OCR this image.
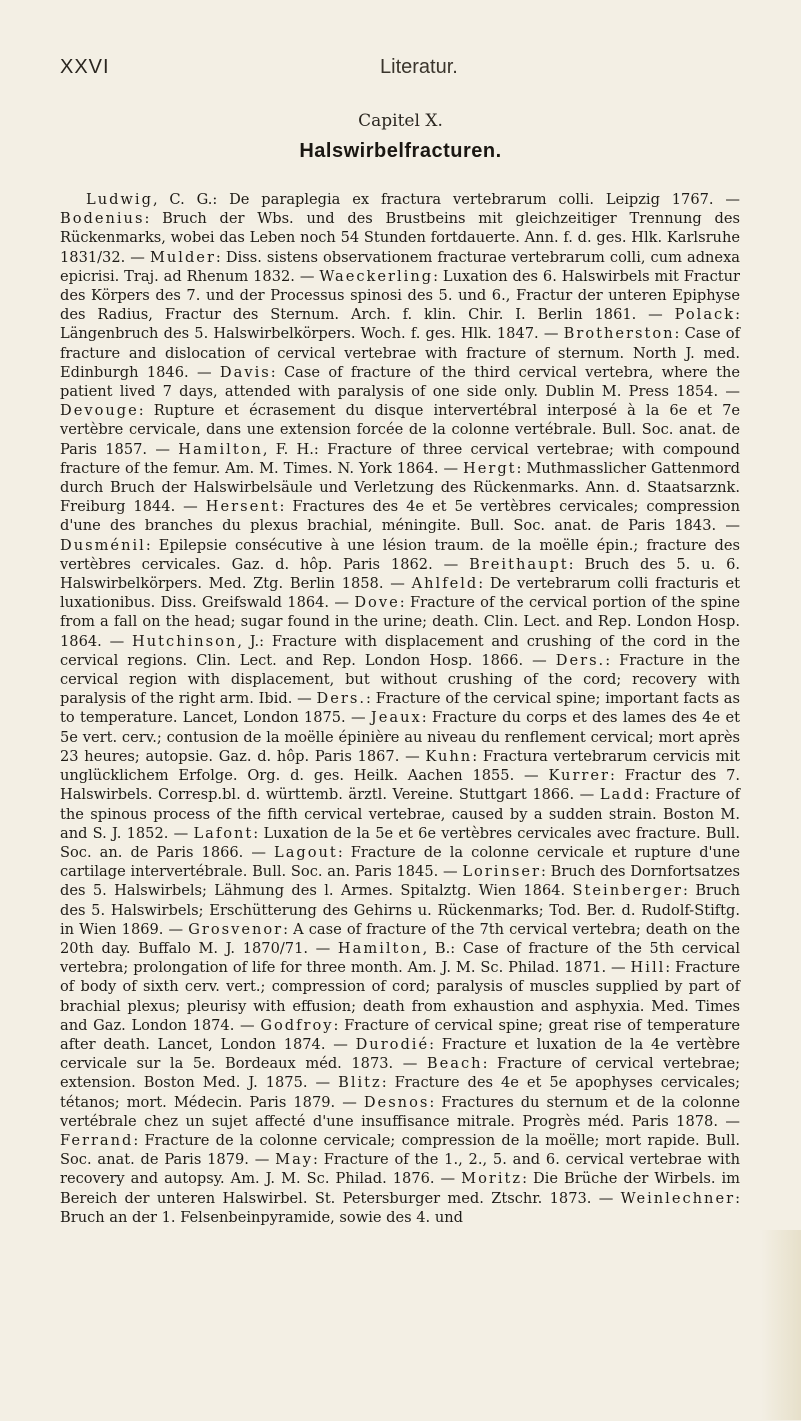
XXVI	Literatur.
Capitel X.
Halswirbelfracturen.

Ludwig, C. G.: De paraplegia ex fractura vertebrarum colli. Leipzig 1767. — Bodenius: Bruch der Wbs. und des Brustbeins mit gleichzeitiger Trennung des Rückenmarks, wobei das Leben noch 54 Stunden fortdauerte. Ann. f. d. ges. Hlk. Karlsruhe 1831/32. — Mulder: Diss. sistens observationem fracturae vertebrarum colli, cum adnexa epicrisi. Traj. ad Rhenum 1832. — Waeckerling: Luxation des 6. Halswirbels mit Fractur des Körpers des 7. und der Processus spinosi des 5. und 6., Fractur der unteren Epiphyse des Radius, Fractur des Sternum. Arch. f. klin. Chir. I. Berlin 1861. — Polack: Längenbruch des 5. Halswirbelkörpers. Woch. f. ges. Hlk. 1847. — Brotherston: Case of fracture and dislocation of cervical vertebrae with fracture of sternum. North J. med. Edinburgh 1846. — Davis: Case of fracture of the third cervical vertebra, where the patient lived 7 days, attended with paralysis of one side only. Dublin M. Press 1854. — Devouge: Rupture et écrasement du disque intervertébral interposé à la 6e et 7e vertèbre cervicale, dans une extension forcée de la colonne vertébrale. Bull. Soc. anat. de Paris 1857. — Hamilton, F. H.: Fracture of three cervical vertebrae; with compound fracture of the femur. Am. M. Times. N. York 1864. — Hergt: Muthmasslicher Gattenmord durch Bruch der Halswirbelsäule und Verletzung des Rückenmarks. Ann. d. Staatsarznk. Freiburg 1844. — Hersent: Fractures des 4e et 5e vertèbres cervicales; compression d'une des branches du plexus brachial, méningite. Bull. Soc. anat. de Paris 1843. — Dusménil: Epilepsie consécutive à une lésion traum. de la moëlle épin.; fracture des vertèbres cervicales. Gaz. d. hôp. Paris 1862. — Breithaupt: Bruch des 5. u. 6. Halswirbelkörpers. Med. Ztg. Berlin 1858. — Ahlfeld: De vertebrarum colli fracturis et luxationibus. Diss. Greifswald 1864. — Dove: Fracture of the cervical portion of the spine from a fall on the head; sugar found in the urine; death. Clin. Lect. and Rep. London Hosp. 1864. — Hutchinson, J.: Fracture with displacement and crushing of the cord in the cervical regions. Clin. Lect. and Rep. London Hosp. 1866. — Ders.: Fracture in the cervical region with displacement, but without crushing of the cord; recovery with paralysis of the right arm. Ibid. — Ders.: Fracture of the cervical spine; important facts as to temperature. Lancet, London 1875. — Jeaux: Fracture du corps et des lames des 4e et 5e vert. cerv.; contusion de la moëlle épinière au niveau du renflement cervical; mort après 23 heures; autopsie. Gaz. d. hôp. Paris 1867. — Kuhn: Fractura vertebrarum cervicis mit unglücklichem Erfolge. Org. d. ges. Heilk. Aachen 1855. — Kurrer: Fractur des 7. Halswirbels. Corresp.bl. d. württemb. ärztl. Vereine. Stuttgart 1866. — Ladd: Fracture of the spinous process of the fifth cervical vertebrae, caused by a sudden strain. Boston M. and S. J. 1852. — Lafont: Luxation de la 5e et 6e vertèbres cervicales avec fracture. Bull. Soc. an. de Paris 1866. — Lagout: Fracture de la colonne cervicale et rupture d'une cartilage intervertébrale. Bull. Soc. an. Paris 1845. — Lorinser: Bruch des Dornfortsatzes des 5. Halswirbels; Lähmung des l. Armes. Spitalztg. Wien 1864. Steinberger: Bruch des 5. Halswirbels; Erschütterung des Gehirns u. Rückenmarks; Tod. Ber. d. Rudolf-Stiftg. in Wien 1869. — Grosvenor: A case of fracture of the 7th cervical vertebra; death on the 20th day. Buffalo M. J. 1870/71. — Hamilton, B.: Case of fracture of the 5th cervical vertebra; prolongation of life for three month. Am. J. M. Sc. Philad. 1871. — Hill: Fracture of body of sixth cerv. vert.; compression of cord; paralysis of muscles supplied by part of brachial plexus; pleurisy with effusion; death from exhaustion and asphyxia. Med. Times and Gaz. London 1874. — Godfroy: Fracture of cervical spine; great rise of temperature after death. Lancet, London 1874. — Durodié: Fracture et luxation de la 4e vertèbre cervicale sur la 5e. Bordeaux méd. 1873. — Beach: Fracture of cervical vertebrae; extension. Boston Med. J. 1875. — Blitz: Fracture des 4e et 5e apophyses cervicales; tétanos; mort. Médecin. Paris 1879. — Desnos: Fractures du sternum et de la colonne vertébrale chez un sujet affecté d'une insuffisance mitrale. Progrès méd. Paris 1878. — Ferrand: Fracture de la colonne cervicale; compression de la moëlle; mort rapide. Bull. Soc. anat. de Paris 1879. — May: Fracture of the 1., 2., 5. and 6. cervical vertebrae with recovery and autopsy. Am. J. M. Sc. Philad. 1876. — Moritz: Die Brüche der Wirbels. im Bereich der unteren Halswirbel. St. Petersburger med. Ztschr. 1873. — Weinlechner: Bruch an der 1. Felsenbeinpyramide, sowie des 4. und
